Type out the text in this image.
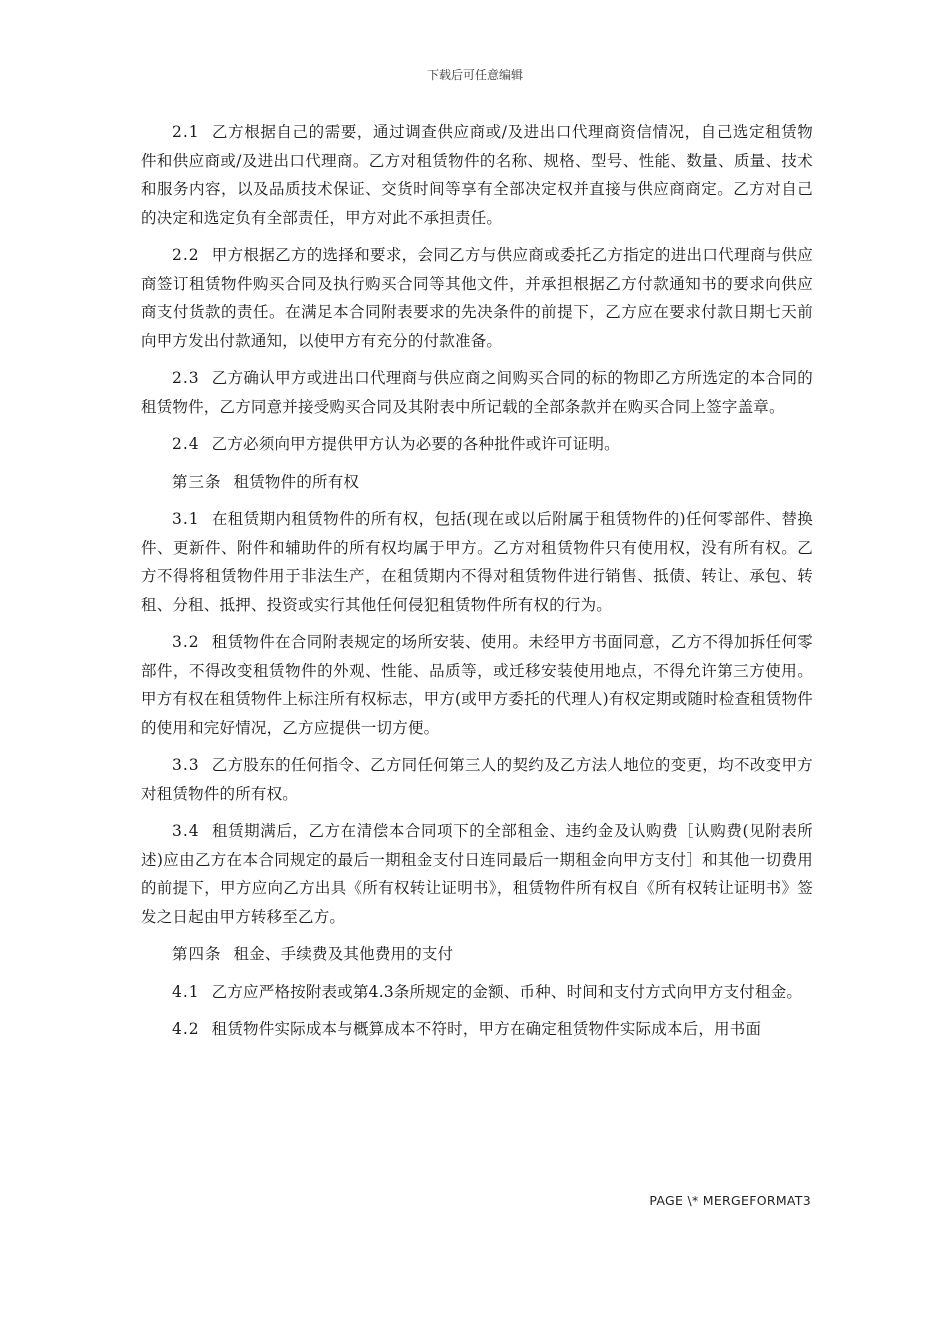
下载后可任意编辑

2.1 乙方根据自己的需要，通过调查供应商或/及进出口代理商资信情况，自己选定租赁物件和供应商或/及进出口代理商。乙方对租赁物件的名称、规格、型号、性能、数量、质量、技术和服务内容，以及品质技术保证、交货时间等享有全部决定权并直接与供应商商定。乙方对自己的决定和选定负有全部责任，甲方对此不承担责任。

2.2 甲方根据乙方的选择和要求，会同乙方与供应商或委托乙方指定的进出口代理商与供应商签订租赁物件购买合同及执行购买合同等其他文件，并承担根据乙方付款通知书的要求向供应商支付货款的责任。在满足本合同附表要求的先决条件的前提下，乙方应在要求付款日期七天前向甲方发出付款通知，以使甲方有充分的付款准备。

2.3 乙方确认甲方或进出口代理商与供应商之间购买合同的标的物即乙方所选定的本合同的租赁物件，乙方同意并接受购买合同及其附表中所记载的全部条款并在购买合同上签字盖章。

2.4 乙方必须向甲方提供甲方认为必要的各种批件或许可证明。

第三条 租赁物件的所有权

3.1 在租赁期内租赁物件的所有权，包括(现在或以后附属于租赁物件的)任何零部件、替换件、更新件、附件和辅助件的所有权均属于甲方。乙方对租赁物件只有使用权，没有所有权。乙方不得将租赁物件用于非法生产，在租赁期内不得对租赁物件进行销售、抵债、转让、承包、转租、分租、抵押、投资或实行其他任何侵犯租赁物件所有权的行为。

3.2 租赁物件在合同附表规定的场所安装、使用。未经甲方书面同意，乙方不得加拆任何零部件，不得改变租赁物件的外观、性能、品质等，或迁移安装使用地点，不得允许第三方使用。甲方有权在租赁物件上标注所有权标志，甲方(或甲方委托的代理人)有权定期或随时检查租赁物件的使用和完好情况，乙方应提供一切方便。

3.3 乙方股东的任何指令、乙方同任何第三人的契约及乙方法人地位的变更，均不改变甲方对租赁物件的所有权。

3.4 租赁期满后，乙方在清偿本合同项下的全部租金、违约金及认购费［认购费(见附表所述)应由乙方在本合同规定的最后一期租金支付日连同最后一期租金向甲方支付］和其他一切费用的前提下，甲方应向乙方出具《所有权转让证明书》，租赁物件所有权自《所有权转让证明书》签发之日起由甲方转移至乙方。

第四条 租金、手续费及其他费用的支付

4.1 乙方应严格按附表或第4.3条所规定的金额、币种、时间和支付方式向甲方支付租金。

4.2 租赁物件实际成本与概算成本不符时，甲方在确定租赁物件实际成本后，用书面

PAGE \* MERGEFORMAT3
